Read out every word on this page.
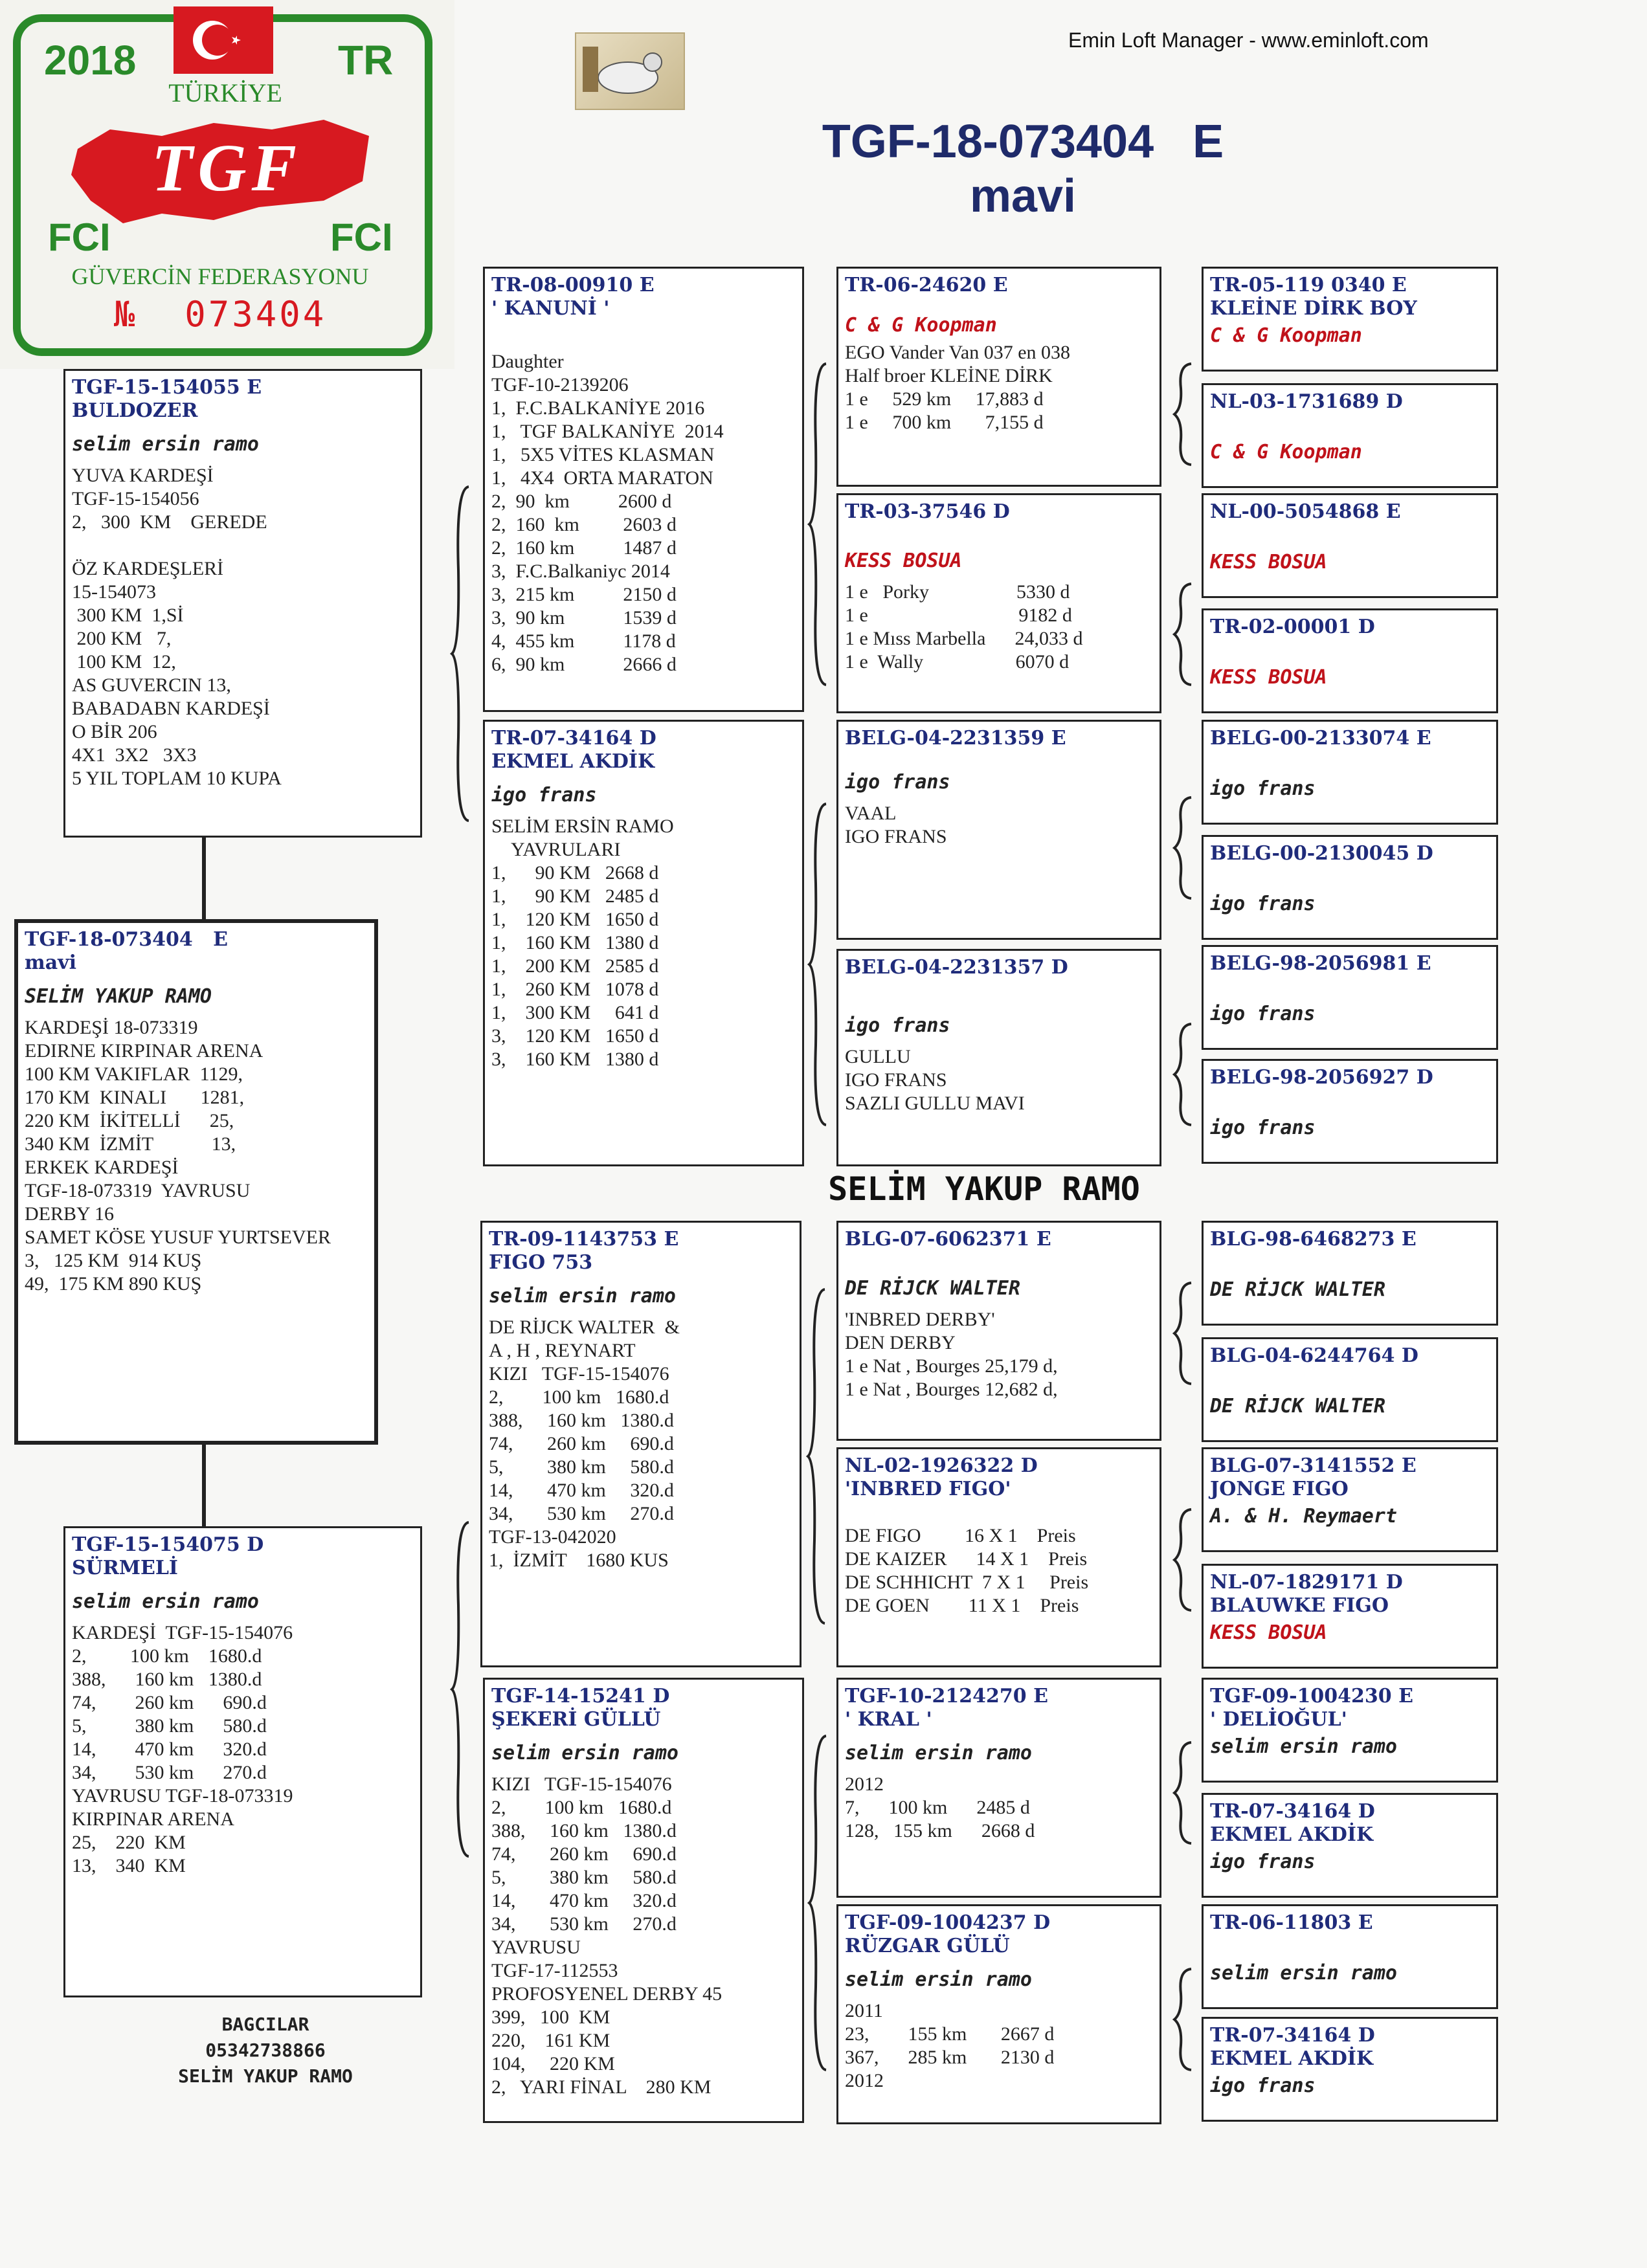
Emin Loft Manager - www.eminloft.com
TGF-18-073404   E
mavi
2018	TR
TÜRKİYE
TGF
FCI	FCI
GÜVERCİN FEDERASYONU
№  073404
TGF-18-073404   E
mavi
SELİM YAKUP RAMO
KARDEŞİ 18-073319
EDIRNE KIRPINAR ARENA
100 KM VAKIFLAR  1129,
170 KM  KINALI       1281,
220 KM  İKİTELLİ      25,
340 KM  İZMİT            13,
ERKEK KARDEŞİ
TGF-18-073319  YAVRUSU
DERBY 16
SAMET KÖSE YUSUF YURTSEVER
3,   125 KM  914 KUŞ
49,  175 KM 890 KUŞ
TGF-15-154055 E
BULDOZER
selim ersin ramo
YUVA KARDEŞİ
TGF-15-154056
2,   300  KM    GEREDE

ÖZ KARDEŞLERİ
15-154073
300 KM  1,Sİ
200 KM   7,
100 KM  12,
AS GUVERCIN 13,
BABADABN KARDEŞİ
O BİR 206
4X1  3X2   3X3
5 YIL TOPLAM 10 KUPA
TGF-15-154075 D
SÜRMELİ
selim ersin ramo
KARDEŞİ  TGF-15-154076
2,         100 km    1680.d
388,      160 km   1380.d
74,        260 km      690.d
5,          380 km      580.d
14,        470 km      320.d
34,        530 km      270.d
YAVRUSU TGF-18-073319
KIRPINAR ARENA
25,    220  KM
13,    340  KM
BAGCILAR
05342738866
SELİM YAKUP RAMO
SELİM YAKUP RAMO
TR-08-00910 E
' KANUNİ '

Daughter
TGF-10-2139206
1,  F.C.BALKANİYE 2016
1,   TGF BALKANİYE  2014
1,   5X5 VİTES KLASMAN
1,   4X4  ORTA MARATON
2,  90  km          2600 d
2,  160  km         2603 d
2,  160 km          1487 d
3,  F.C.Balkaniyc 2014
3,  215 km          2150 d
3,  90 km            1539 d
4,  455 km          1178 d
6,  90 km            2666 d
TR-07-34164 D
EKMEL AKDİK
igo frans
SELİM ERSİN RAMO
YAVRULARI
1,      90 KM   2668 d
1,      90 KM   2485 d
1,    120 KM   1650 d
1,    160 KM   1380 d
1,    200 KM   2585 d
1,    260 KM   1078 d
1,    300 KM     641 d
3,    120 KM   1650 d
3,    160 KM   1380 d
TR-09-1143753 E
FIGO 753
selim ersin ramo
DE RİJCK WALTER  &
A , H , REYNART
KIZI   TGF-15-154076
2,        100 km   1680.d
388,     160 km   1380.d
74,       260 km     690.d
5,         380 km     580.d
14,       470 km     320.d
34,       530 km     270.d
TGF-13-042020
1,  İZMİT    1680 KUS
TGF-14-15241 D
ŞEKERİ GÜLLÜ
selim ersin ramo
KIZI   TGF-15-154076
2,        100 km   1680.d
388,     160 km   1380.d
74,       260 km     690.d
5,         380 km     580.d
14,       470 km     320.d
34,       530 km     270.d
YAVRUSU
TGF-17-112553
PROFOSYENEL DERBY 45
399,   100  KM
220,    161 KM
104,     220 KM
2,   YARI FİNAL    280 KM
TR-06-24620 E
C & G Koopman
EGO Vander Van 037 en 038
Half broer KLEİNE DİRK
1 e     529 km     17,883 d
1 e     700 km       7,155 d
TR-03-37546 D
KESS BOSUA
1 e   Porky                  5330 d
1 e                               9182 d
1 e Mıss Marbella      24,033 d
1 e  Wally                   6070 d
BELG-04-2231359 E
igo frans
VAAL
IGO FRANS
BELG-04-2231357 D
igo frans
GULLU
IGO FRANS
SAZLI GULLU MAVI
BLG-07-6062371 E
DE RİJCK WALTER
'INBRED DERBY'
DEN DERBY
1 e Nat , Bourges 25,179 d,
1 e Nat , Bourges 12,682 d,
NL-02-1926322 D
'INBRED FIGO'

DE FIGO         16 X 1    Preis
DE KAIZER      14 X 1    Preis
DE SCHHICHT  7 X 1     Preis
DE GOEN        11 X 1    Preis
TGF-10-2124270 E
' KRAL '
selim ersin ramo
2012
7,      100 km      2485 d
128,   155 km      2668 d
TGF-09-1004237 D
RÜZGAR GÜLÜ
selim ersin ramo
2011
23,        155 km       2667 d
367,      285 km       2130 d
2012
TR-05-119 0340 E
KLEİNE DİRK BOY
C & G Koopman
NL-03-1731689 D
C & G Koopman
NL-00-5054868 E
KESS BOSUA
TR-02-00001 D
KESS BOSUA
BELG-00-2133074 E
igo frans
BELG-00-2130045 D
igo frans
BELG-98-2056981 E
igo frans
BELG-98-2056927 D
igo frans
BLG-98-6468273 E
DE RİJCK WALTER
BLG-04-6244764 D
DE RİJCK WALTER
BLG-07-3141552 E
JONGE FIGO
A. & H. Reymaert
NL-07-1829171 D
BLAUWKE FIGO
KESS BOSUA
TGF-09-1004230 E
' DELİOĞUL'
selim ersin ramo
TR-07-34164 D
EKMEL AKDİK
igo frans
TR-06-11803 E
selim ersin ramo
TR-07-34164 D
EKMEL AKDİK
igo frans
